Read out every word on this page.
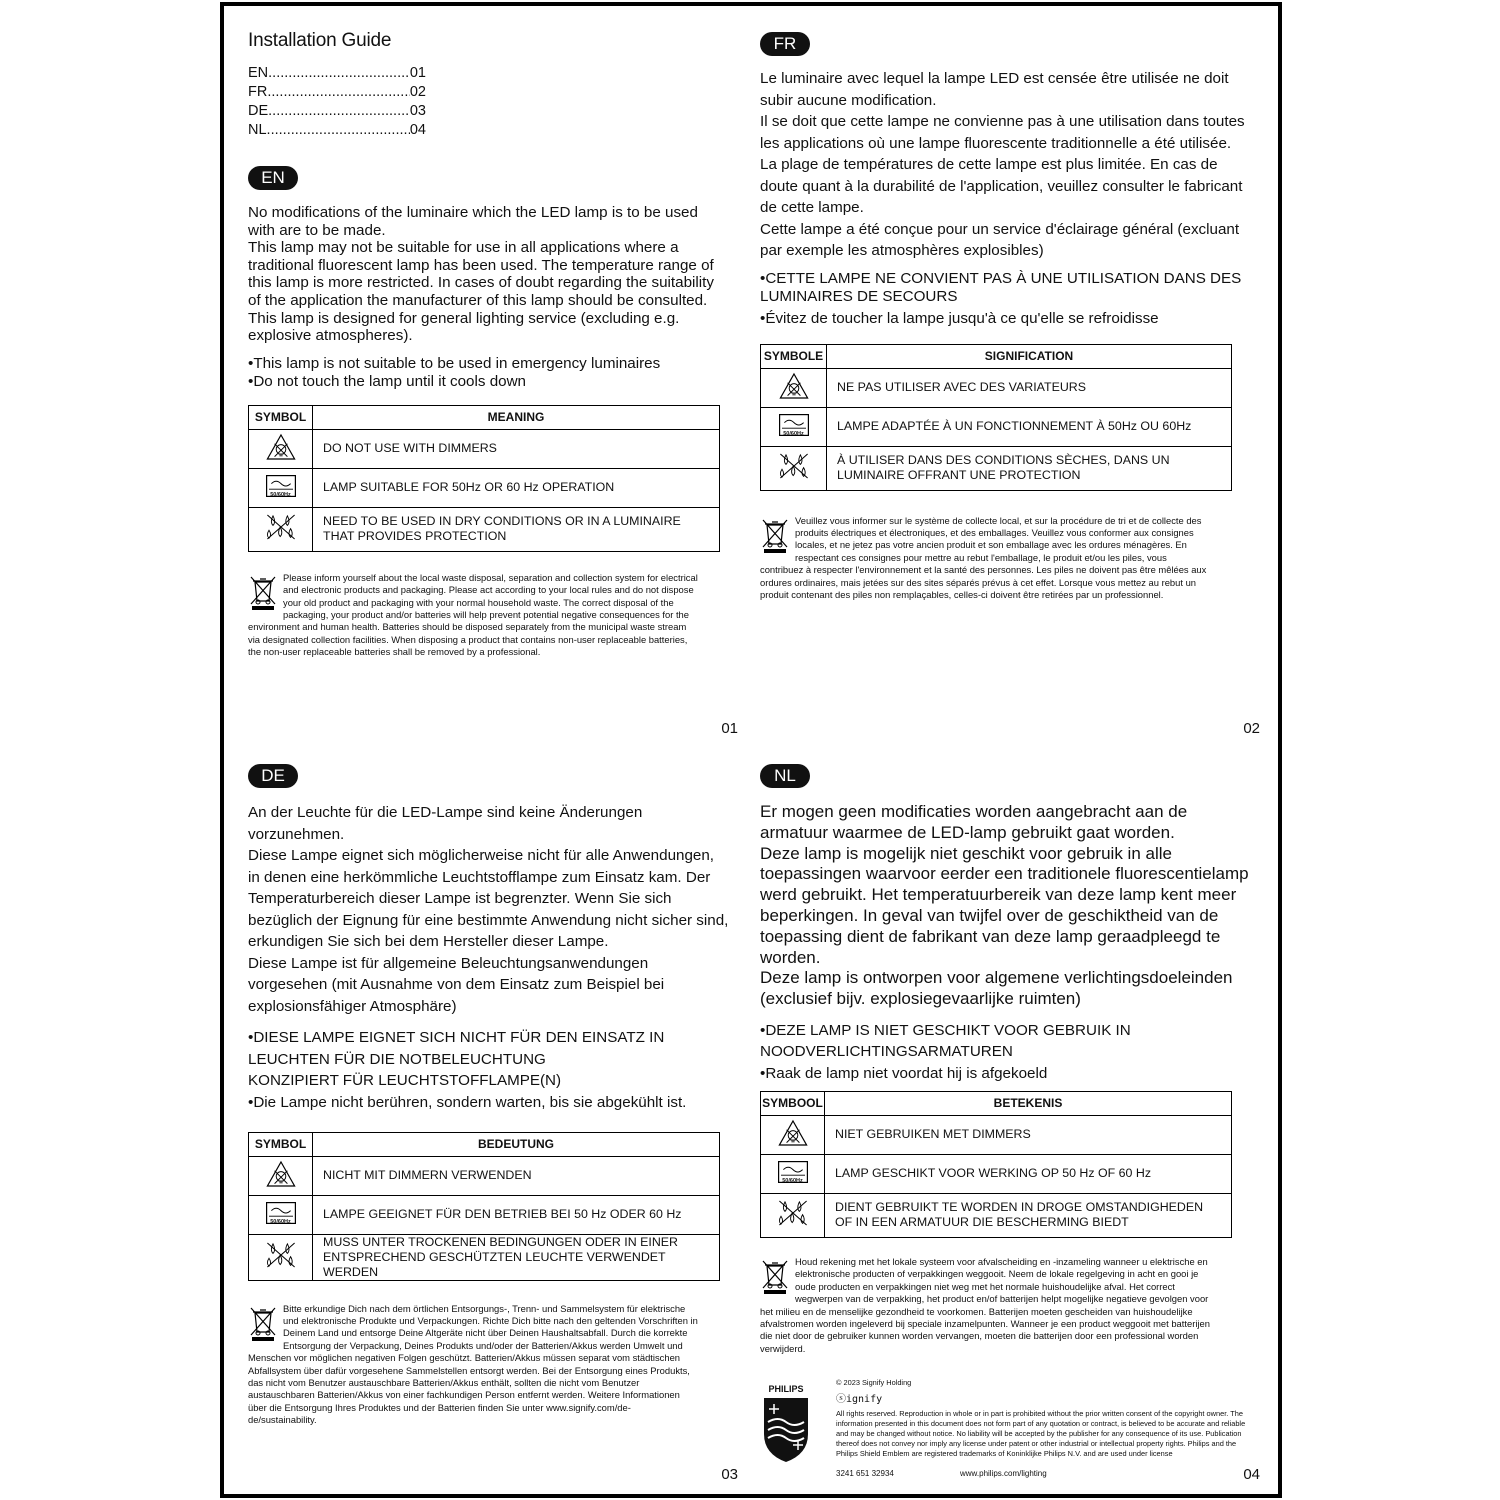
Installation Guide
EN .....	01
FR .....	02
DE .....	03
NL .....	04
EN
No modifications of the luminaire which the LED lamp is to be used with are to be made.
This lamp may not be suitable for use in all applications where a traditional fluorescent lamp has been used. The temperature range of this lamp is more restricted. In cases of doubt regarding the suitability of the application the manufacturer of this lamp should be consulted.
This lamp is designed for general lighting service (excluding e.g. explosive atmospheres).
•This lamp is not suitable to be used in emergency luminaires
•Do not touch the lamp until it cools down
SYMBOL	MEANING
	DO NOT USE WITH DIMMERS

50/60Hz	LAMP SUITABLE FOR 50Hz OR 60 Hz OPERATION
	NEED TO BE USED IN DRY CONDITIONS OR IN A LUMINAIRE
THAT PROVIDES PROTECTION
Please inform yourself about the local waste disposal, separation and collection system for electrical and electronic products and packaging. Please act according to your local rules and do not dispose your old product and packaging with your normal household waste. The correct disposal of the packaging, your product and/or batteries will help prevent potential negative consequences for the environment and human health. Batteries should be disposed separately from the municipal waste stream via designated collection facilities. When disposing a product that contains non-user replaceable batteries, the non-user replaceable batteries shall be removed by a professional.
01
FR
Le luminaire avec lequel la lampe LED est censée être utilisée ne doit subir aucune modification.
Il se doit que cette lampe ne convienne pas à une utilisation dans toutes les applications où une lampe fluorescente traditionnelle a été utilisée. La plage de températures de cette lampe est plus limitée. En cas de doute quant à la durabilité de l'application, veuillez consulter le fabricant de cette lampe.
Cette lampe a été conçue pour un service d'éclairage général (excluant par exemple les atmosphères explosibles)
•CETTE LAMPE NE CONVIENT PAS À UNE UTILISATION DANS DES LUMINAIRES DE SECOURS
•Évitez de toucher la lampe jusqu'à ce qu'elle se refroidisse
SYMBOLE	SIGNIFICATION
	NE PAS UTILISER AVEC DES VARIATEURS

50/60Hz	LAMPE ADAPTÉE À UN FONCTIONNEMENT À 50Hz OU 60Hz
	À UTILISER DANS DES CONDITIONS SÈCHES, DANS UN
LUMINAIRE OFFRANT UNE PROTECTION
Veuillez vous informer sur le système de collecte local, et sur la procédure de tri et de collecte des produits électriques et électroniques, et des emballages. Veuillez vous conformer aux consignes locales, et ne jetez pas votre ancien produit et son emballage avec les ordures ménagères. En respectant ces consignes pour mettre au rebut l'emballage, le produit et/ou les piles, vous contribuez à respecter l'environnement et la santé des personnes. Les piles ne doivent pas être mêlées aux ordures ordinaires, mais jetées sur des sites séparés prévus à cet effet. Lorsque vous mettez au rebut un produit contenant des piles non remplaçables, celles-ci doivent être retirées par un professionnel.
02
DE
An der Leuchte für die LED-Lampe sind keine Änderungen vorzunehmen.
Diese Lampe eignet sich möglicherweise nicht für alle Anwendungen, in denen eine herkömmliche Leuchtstofflampe zum Einsatz kam. Der Temperaturbereich dieser Lampe ist begrenzter. Wenn Sie sich bezüglich der Eignung für eine bestimmte Anwendung nicht sicher sind, erkundigen Sie sich bei dem Hersteller dieser Lampe.
Diese Lampe ist für allgemeine Beleuchtungsanwendungen vorgesehen (mit Ausnahme von dem Einsatz zum Beispiel bei explosionsfähiger Atmosphäre)
•DIESE LAMPE EIGNET SICH NICHT FÜR DEN EINSATZ IN LEUCHTEN FÜR DIE NOTBELEUCHTUNG
KONZIPIERT FÜR LEUCHTSTOFFLAMPE(N)
•Die Lampe nicht berühren, sondern warten, bis sie abgekühlt ist.
SYMBOL	BEDEUTUNG
	NICHT MIT DIMMERN VERWENDEN

50/60Hz	LAMPE GEEIGNET FÜR DEN BETRIEB BEI 50 Hz ODER 60 Hz
	MUSS UNTER TROCKENEN BEDINGUNGEN ODER IN EINER
ENTSPRECHEND GESCHÜTZTEN LEUCHTE VERWENDET WERDEN
Bitte erkundige Dich nach dem örtlichen Entsorgungs-, Trenn- und Sammelsystem für elektrische und elektronische Produkte und Verpackungen. Richte Dich bitte nach den geltenden Vorschriften in Deinem Land und entsorge Deine Altgeräte nicht über Deinen Haushaltsabfall. Durch die korrekte Entsorgung der Verpackung, Deines Produkts und/oder der Batterien/Akkus werden Umwelt und Menschen vor möglichen negativen Folgen geschützt. Batterien/Akkus müssen separat vom städtischen Abfallsystem über dafür vorgesehene Sammelstellen entsorgt werden. Bei der Entsorgung eines Produkts, das nicht vom Benutzer austauschbare Batterien/Akkus enthält, sollten die nicht vom Benutzer austauschbaren Batterien/Akkus von einer fachkundigen Person entfernt werden. Weitere Informationen über die Entsorgung Ihres Produktes und der Batterien finden Sie unter www.signify.com/de-de/sustainability.
03
NL
Er mogen geen modificaties worden aangebracht aan de armatuur waarmee de LED-lamp gebruikt gaat worden.
Deze lamp is mogelijk niet geschikt voor gebruik in alle toepassingen waarvoor eerder een traditionele fluorescentielamp werd gebruikt. Het temperatuurbereik van deze lamp kent meer beperkingen. In geval van twijfel over de geschiktheid van de toepassing dient de fabrikant van deze lamp geraadpleegd te worden.
Deze lamp is ontworpen voor algemene verlichtingsdoeleinden (exclusief bijv. explosiegevaarlijke ruimten)
•DEZE LAMP IS NIET GESCHIKT VOOR GEBRUIK IN NOODVERLICHTINGSARMATUREN
•Raak de lamp niet voordat hij is afgekoeld
SYMBOOL	BETEKENIS
	NIET GEBRUIKEN MET DIMMERS

50/60Hz	LAMP GESCHIKT VOOR WERKING OP 50 Hz OF 60 Hz
	DIENT GEBRUIKT TE WORDEN IN DROGE OMSTANDIGHEDEN
OF IN EEN ARMATUUR DIE BESCHERMING BIEDT
Houd rekening met het lokale systeem voor afvalscheiding en -inzameling wanneer u elektrische en elektronische producten of verpakkingen weggooit. Neem de lokale regelgeving in acht en gooi je oude producten en verpakkingen niet weg met het normale huishoudelijke afval. Het correct wegwerpen van de verpakking, het product en/of batterijen helpt mogelijke negatieve gevolgen voor het milieu en de menselijke gezondheid te voorkomen. Batterijen moeten gescheiden van huishoudelijke afvalstromen worden ingeleverd bij speciale inzamelpunten. Wanneer je een product weggooit met batterijen die niet door de gebruiker kunnen worden vervangen, moeten die batterijen door een professional worden verwijderd.
PHILIPS
© 2023 Signify Holding
ⓢignify
All rights reserved. Reproduction in whole or in part is prohibited without the prior written consent of the copyright owner. The information presented in this document does not form part of any quotation or contract, is believed to be accurate and reliable and may be changed without notice. No liability will be accepted by the publisher for any consequence of its use. Publication thereof does not convey nor imply any license under patent or other industrial or intellectual property rights. Philips and the Philips Shield Emblem are registered trademarks of Koninklijke Philips N.V. and are used under license
3241 651 32934	www.philips.com/lighting	04
